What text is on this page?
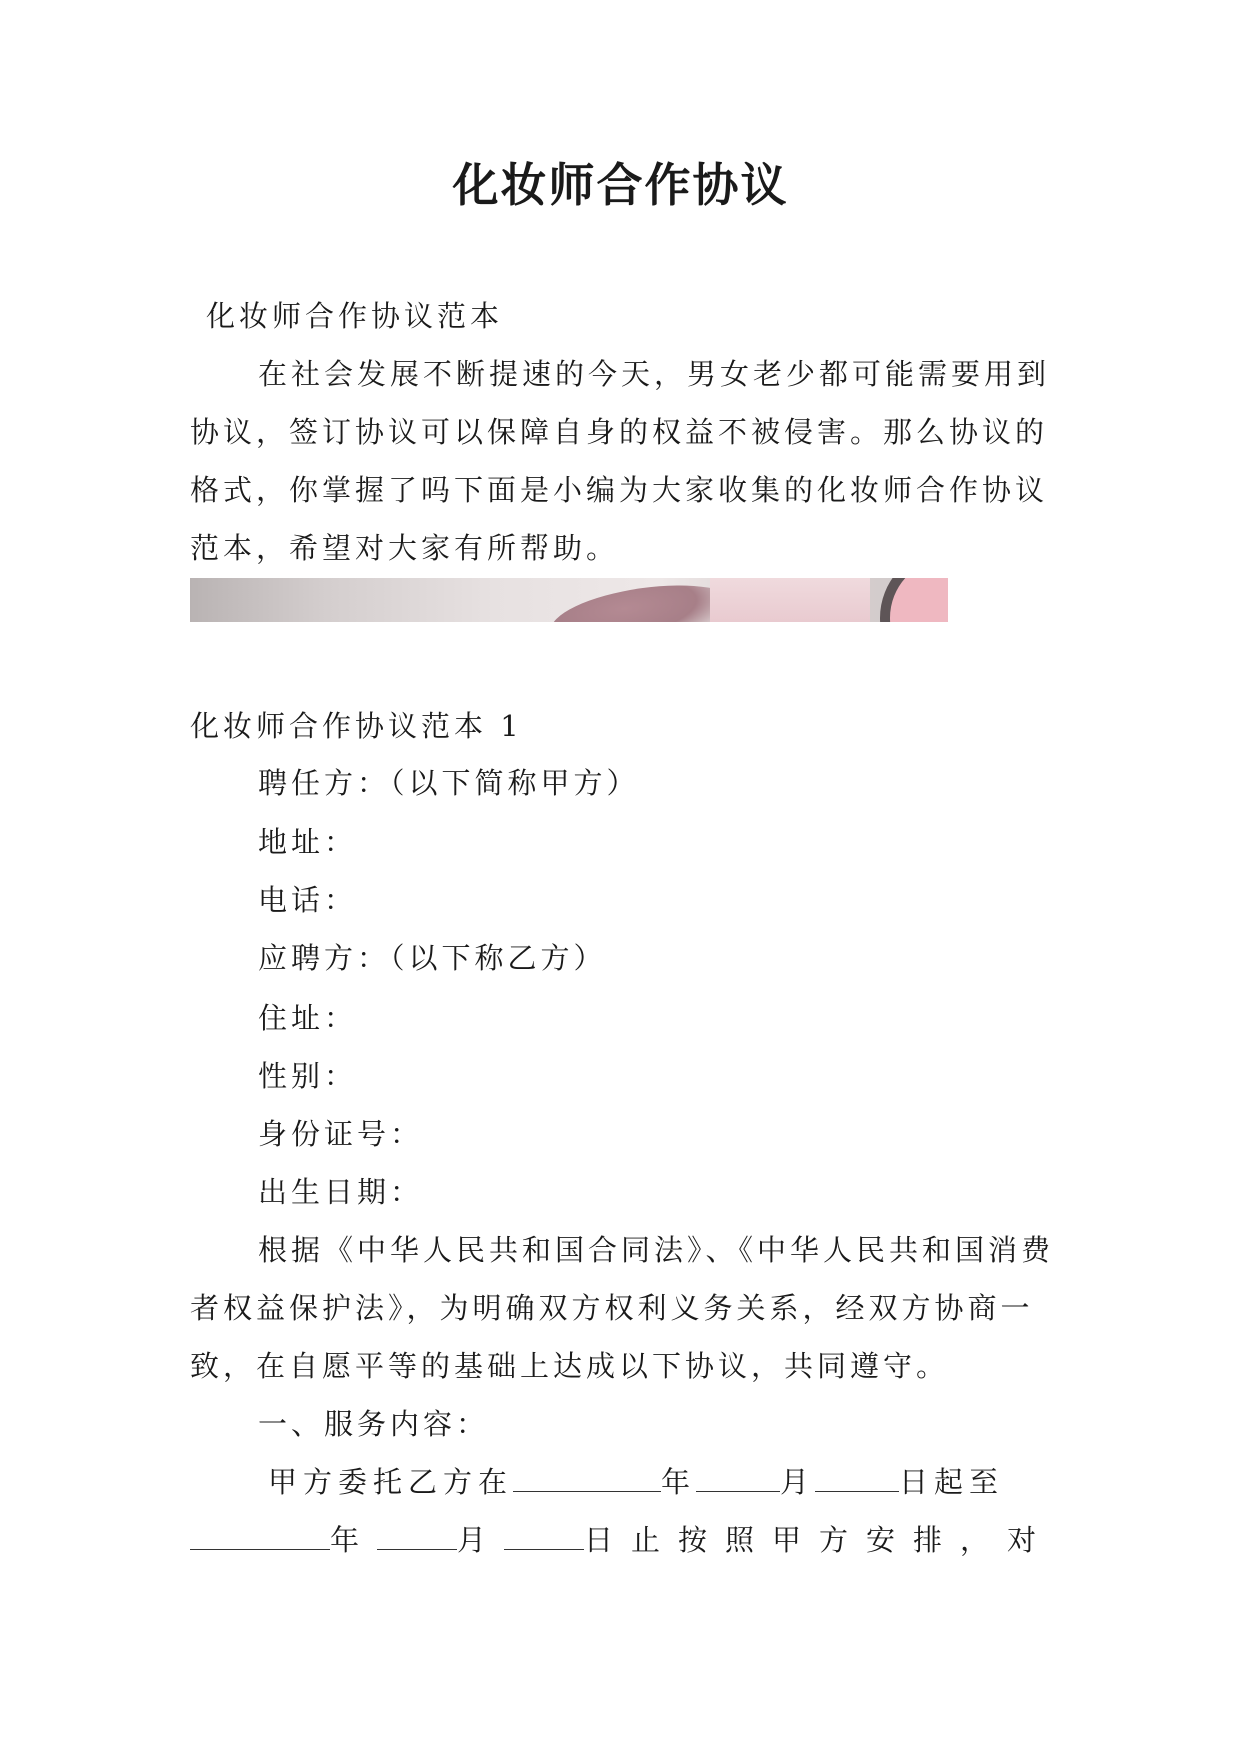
化妆师合作协议
化妆师合作协议范本
在社会发展不断提速的今天，男女老少都可能需要用到
协议，签订协议可以保障自身的权益不被侵害。那么协议的
格式，你掌握了吗下面是小编为大家收集的化妆师合作协议
范本，希望对大家有所帮助。
化妆师合作协议范本 1
聘任方：（以下简称甲方）
地址：
电话：
应聘方：（以下称乙方）
住址：
性别：
身份证号：
出生日期：
根据《中华人民共和国合同法》、《中华人民共和国消费
者权益保护法》，为明确双方权利义务关系，经双方协商一
致，在自愿平等的基础上达成以下协议，共同遵守。
一、服务内容：
甲方委托乙方在	年	月	日起至
年	月	日止按照甲方安排，对
